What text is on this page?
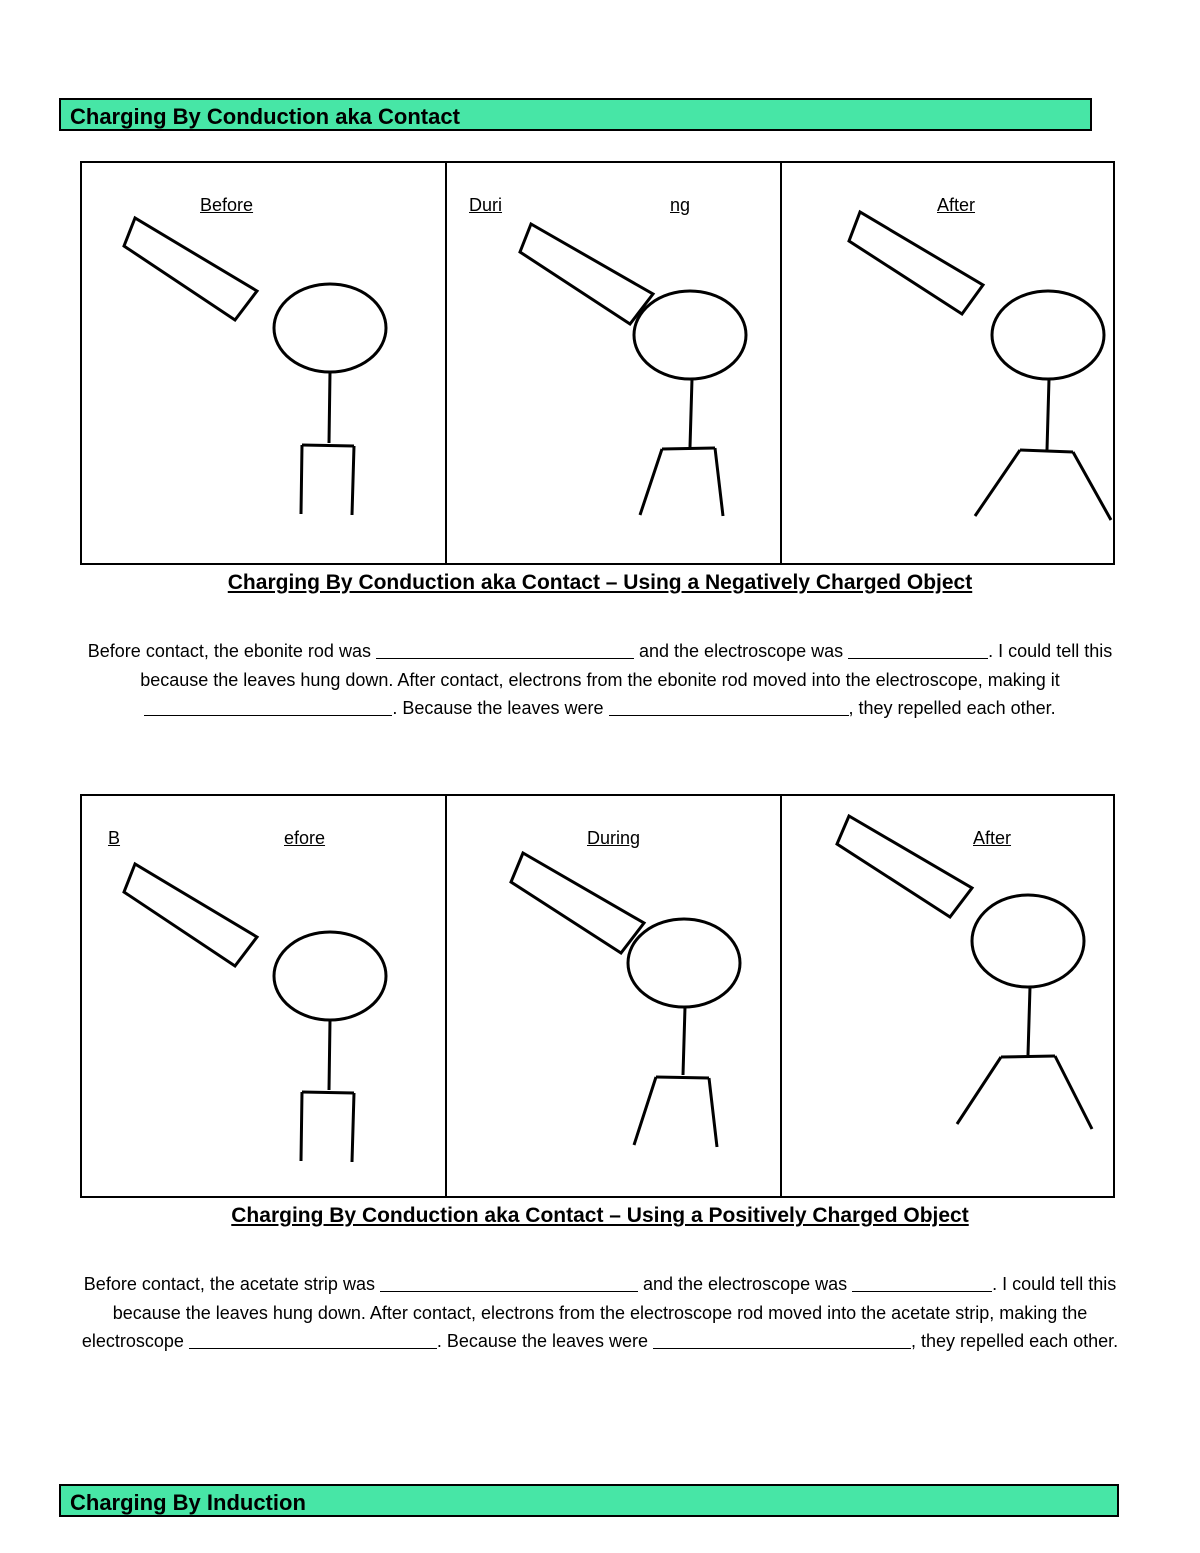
Charging By Conduction aka Contact
Before	Duri	ng	After
Charging By Conduction aka Contact – Using a Negatively Charged Object
Before contact, the ebonite rod was	and the electroscope was	. I could tell this because the leaves hung down. After contact, electrons from the ebonite rod moved into the electroscope, making it . Because the leaves were	, they repelled each other.
B	efore	During	After
Charging By Conduction aka Contact – Using a Positively Charged Object
Before contact, the acetate strip was	and the electroscope was	. I could tell this because the leaves hung down. After contact, electrons from the electroscope rod moved into the acetate strip, making the electroscope	. Because the leaves were	, they repelled each other.
Charging By Induction
